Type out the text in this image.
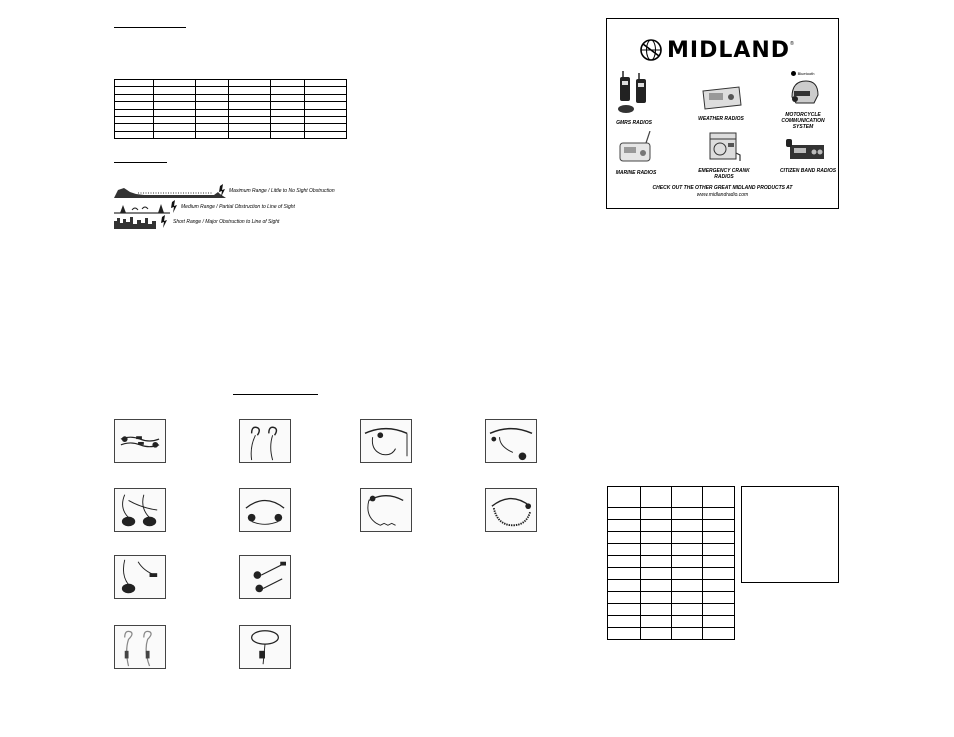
Maximum Range / Little to No Sight Obstruction
Medium Range / Partial Obstruction to Line of Sight
Short Range / Major Obstruction to Line of Sight
MIDLAND ®
GMRS RADIOS
WEATHER RADIOS
Bluetooth
MOTORCYCLE COMMUNICATION SYSTEM
MARINE RADIOS	EMERGENCY CRANK RADIOS
CITIZEN BAND RADIOS
CHECK OUT THE OTHER GREAT MIDLAND PRODUCTS AT
www.midlandradio.com
